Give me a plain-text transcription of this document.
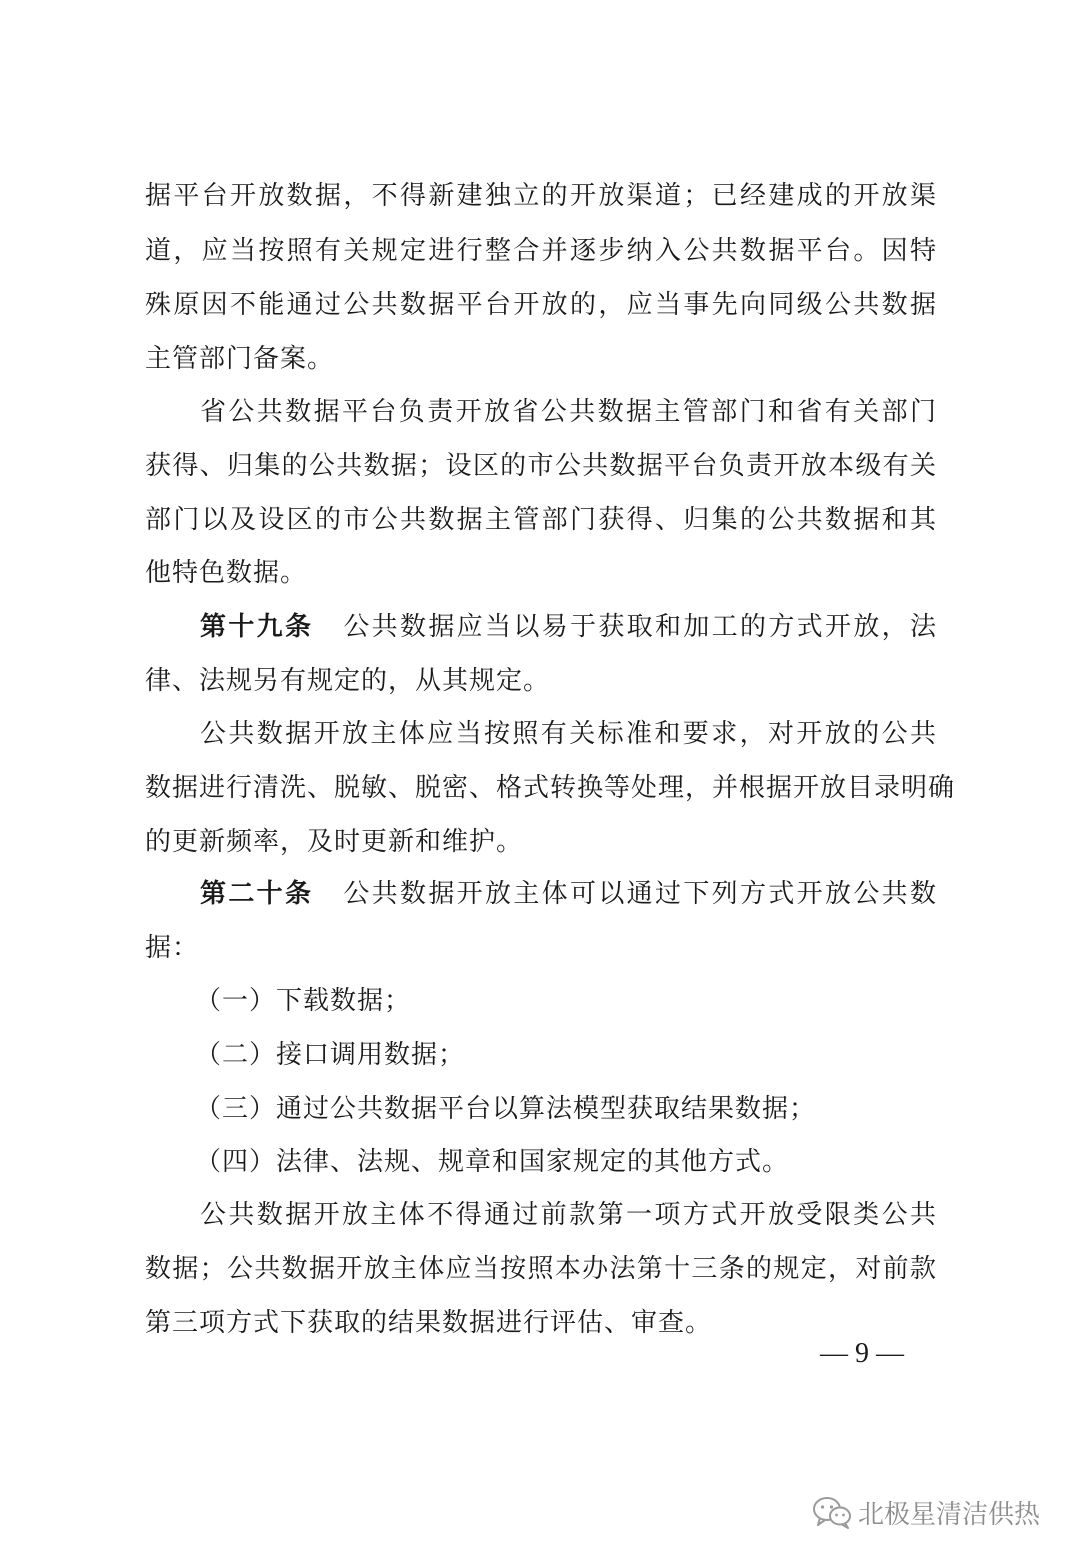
据平台开放数据，不得新建独立的开放渠道；已经建成的开放渠
道，应当按照有关规定进行整合并逐步纳入公共数据平台。因特
殊原因不能通过公共数据平台开放的，应当事先向同级公共数据
主管部门备案。
省公共数据平台负责开放省公共数据主管部门和省有关部门
获得、归集的公共数据；设区的市公共数据平台负责开放本级有关
部门以及设区的市公共数据主管部门获得、归集的公共数据和其
他特色数据。
第十九条 公共数据应当以易于获取和加工的方式开放，法
律、法规另有规定的，从其规定。
公共数据开放主体应当按照有关标准和要求，对开放的公共
数据进行清洗、脱敏、脱密、格式转换等处理，并根据开放目录明确
的更新频率，及时更新和维护。
第二十条 公共数据开放主体可以通过下列方式开放公共数
据：
（一）下载数据；
（二）接口调用数据；
（三）通过公共数据平台以算法模型获取结果数据；
（四）法律、法规、规章和国家规定的其他方式。
公共数据开放主体不得通过前款第一项方式开放受限类公共
数据；公共数据开放主体应当按照本办法第十三条的规定，对前款
第三项方式下获取的结果数据进行评估、审查。
— 9 —
北极星清洁供热
